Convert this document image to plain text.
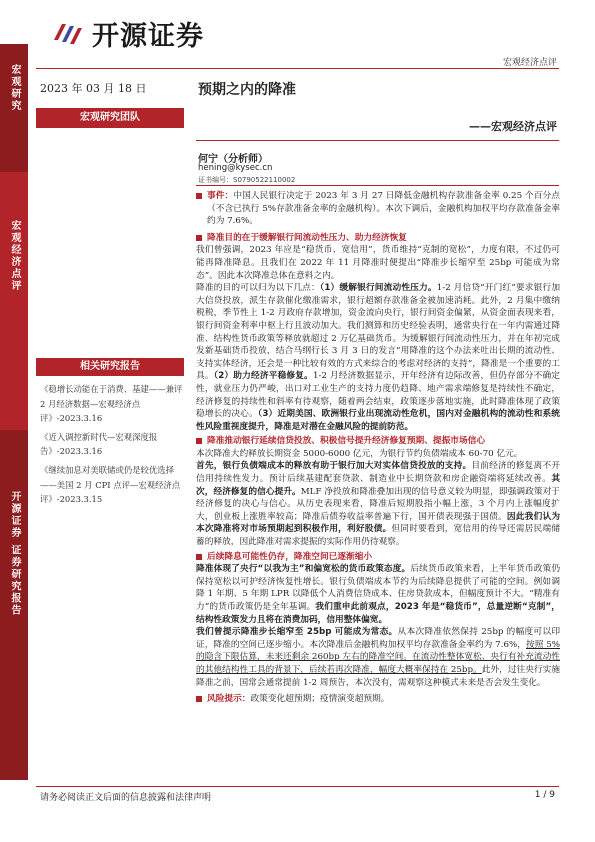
宏观研究
宏观经济点评
开源证券 证券研究报告
开源证券
宏观经济点评
2023 年 03 月 18 日	预期之内的降准
宏观研究团队
——宏观经济点评
何宁（分析师）
hening@kysec.cn
证书编号：S0790522110002
相关研究报告
《稳增长动能在于消费、基建——兼评 2 月经济数据—宏观经济点评》-2023.3.16
《近入调控新时代—宏观深度报告》-2023.3.16
《继续加息对美联储或仍是较优选择——美国 2 月 CPI 点评—宏观经济点评》-2023.3.15

事件：中国人民银行决定于 2023 年 3 月 27 日降低金融机构存款准备金率 0.25 个百分点（不含已执行 5%存款准备金率的金融机构）。本次下调后，金融机构加权平均存款准备金率约为 7.6%。

降准目的在于缓解银行间流动性压力、助力经济恢复

我们曾强调，2023 年应是“稳货币、宽信用”，货币维持“克制的宽松”，力度有限，不过仍可能再降准降息。且我们在 2022 年 11 月降准时便提出“降准步长缩窄至 25bp 可能成为常态”。因此本次降准总体在意料之内。

降准的目的可以归为以下几点：（1）缓解银行间流动性压力。1-2 月信贷“开门红”要求银行加大信贷投放，派生存款催化缴准需求，银行超额存款准备金被加速消耗。此外，2 月集中缴纳税税，季节性上 1-2 月政府存款增加，资金流向央行，银行间资金偏紧，从资金面表现来看，银行间资金利率中枢上行且波动加大。我们测算和历史经验表明，通常央行在一年内需通过降准、结构性货币政策等释放就超过 2 万亿基础货币。为缓解银行间流动性压力，并在年初完成发新基础货币投放，结合马纲行长 3 月 3 日的发言“用降准的这个办法来吐出长期的流动性、支持实体经济，还会是一种比较有效的方式来综合的考虑对经济的支持”，降准是一个重要的工具。（2）助力经济平稳修复。1-2 月经济数据显示，开年经济有边际改善，但仍存部分不确定性，就业压力仍严峻，出口对工业生产的支持力度仍趋降、地产需求端修复是持续性不确定，经济修复的持续性和斜率有待观察，随着两会结束，政策逐步落地实施，此时降准体现了政策稳增长的决心。（3）近期美国、欧洲银行业出现流动性危机，国内对金融机构的流动性和系统性风险重视度提升，降准是对潜在金融风险的提前防范。

降准推动银行延续信贷投放、积极信号提升经济修复预期、提振市场信心

本次降准大约释放长期资金 5000-6000 亿元，为银行节约负债端成本 60-70 亿元。

首先，银行负债端成本的释放有助于银行加大对实体信贷投放的支持。目前经济的修复离不开信用持续性发力。预计后续基建配套贷款、制造业中长期贷款和房企融资端将延续改善。其次，经济修复的信心提升。MLF 净投放和降准叠加出现的信号意义较为明显，即强调政策对于经济修复的决心与信心。从历史表现来看，降准后短期股指小幅上涨，3 个月内上涨幅度扩大，创业板上涨胜率较高；降准后债券收益率普遍下行，国开债表现强于国债。因此我们认为本次降准将对市场预期起到积极作用，利好股债。但同时要看到，宽信用的传导还需居民端储蓄的释放，因此降准对需求提振的实际作用仍待观察。

后续降息可能性仍存，降准空间已逐渐缩小

降准体现了央行“以我为主”和偏宽松的货币政策态度。后续货币政策来看，上半年货币政策仍保持宽松以可护经济恢复性增长。银行负债端成本节约为后续降息提供了可能的空间。例如调降 1 年期、5 年期 LPR 以降低个人消费信贷成本、住房贷款成本，但幅度预计不大。“精准有力”的货币政策仍是全年基调。我们重申此前观点，2023 年是“稳货币”，总量逆断“克制”，结构性政策发力且将在消费加码，信用整体偏宽。

我们曾提示降准步长缩窄至 25bp 可能成为常态。从本次降准依然保持 25bp 的幅度可以印证，降准的空间已逐步缩小。本次降准后金融机构加权平均存款准备金率约为 7.6%，按照 5%的隐含下限估算，未来还剩余 260bp 左右的降准空间。在流动性整体宽松、央行有补充流动性的其他结构性工具的背景下，后续若再次降准，幅度大概率保持在 25bp。此外，过往央行实施降准之前，国常会通常提前 1-2 周预告，本次没有，需观察这种模式未来是否会发生变化。

风险提示：政策变化超预期；疫情演变超预期。

请务必阅读正文后面的信息披露和法律声明	1 / 9
